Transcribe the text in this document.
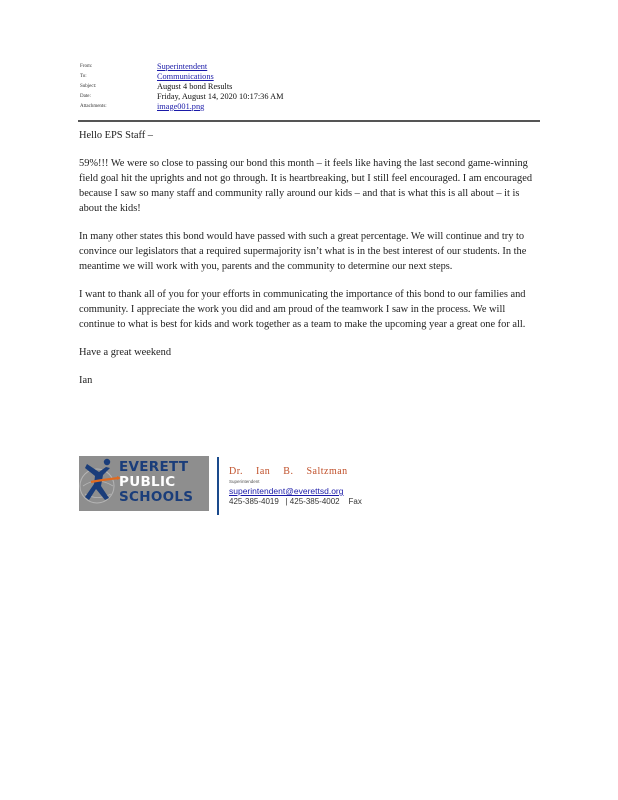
From:	Superintendent
To:	Communications
Subject:	August 4 bond Results
Date:	Friday, August 14, 2020 10:17:36 AM
Attachments:	image001.png

Hello EPS Staff –

59%!!! We were so close to passing our bond this month – it feels like having the last second game-winning field goal hit the uprights and not go through. It is heartbreaking, but I still feel encouraged. I am encouraged because I saw so many staff and community rally around our kids – and that is what this is all about – it is about the kids!

In many other states this bond would have passed with such a great percentage. We will continue and try to convince our legislators that a required supermajority isn’t what is in the best interest of our students. In the meantime we will work with you, parents and the community to determine our next steps.

I want to thank all of you for your efforts in communicating the importance of this bond to our families and community. I appreciate the work you did and am proud of the teamwork I saw in the process. We will continue to what is best for kids and work together as a team to make the upcoming year a great one for all.

Have a great weekend

Ian

EVERETT
PUBLIC
SCHOOLS
Dr. Ian B. Saltzman
Superintendent
superintendent@everettsd.org
425-385-4019 | 425-385-4002 Fax
